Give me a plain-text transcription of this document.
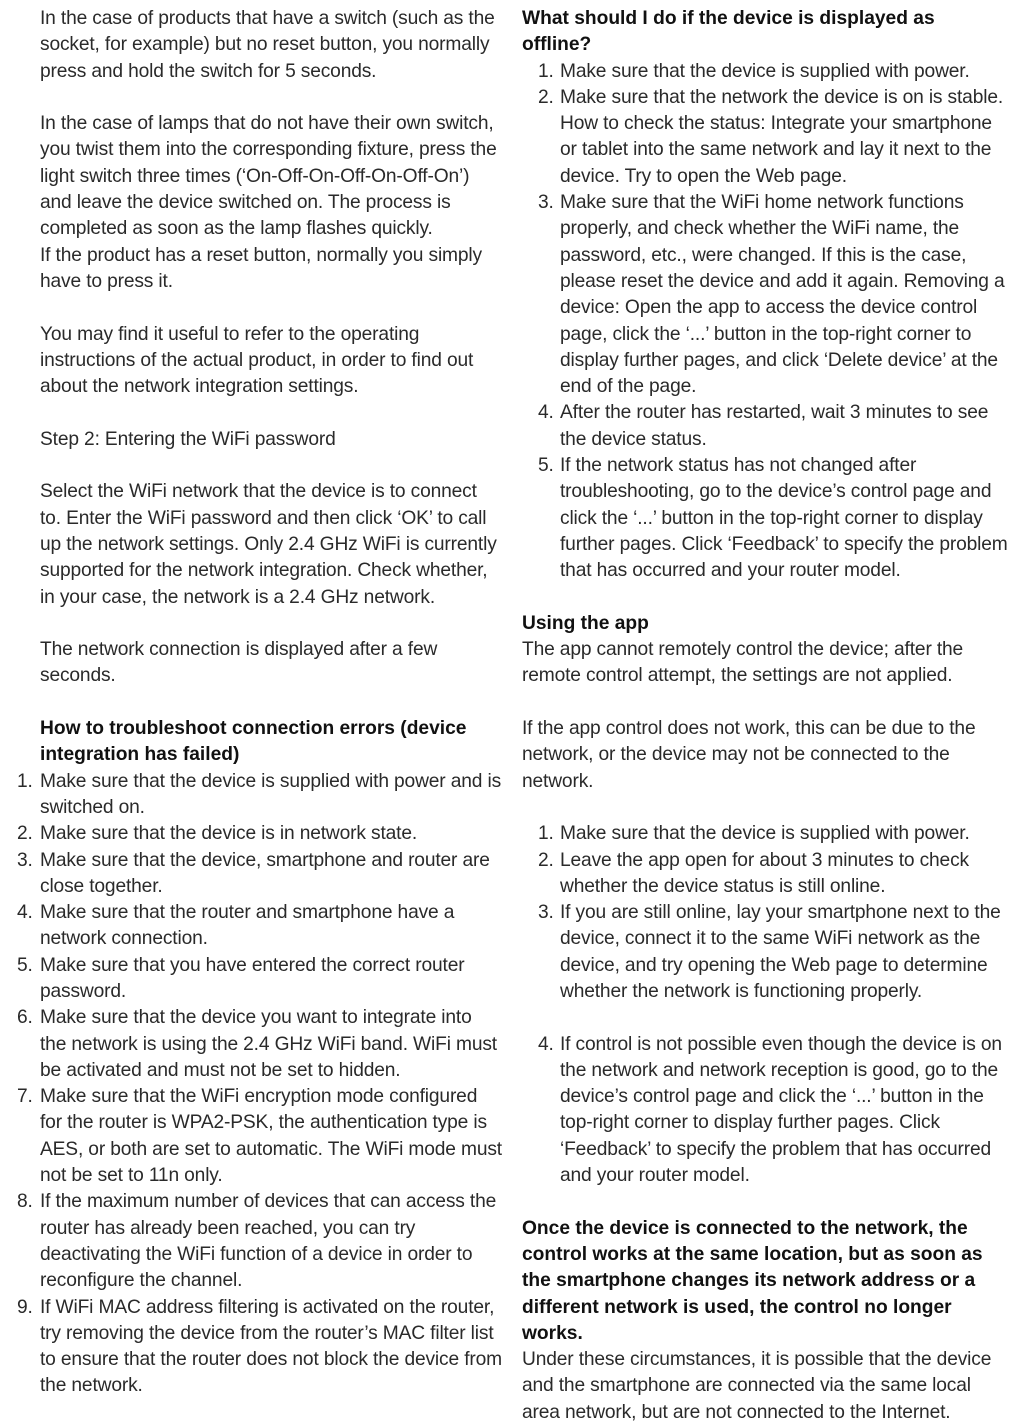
In the case of products that have a switch (such as the socket, for example) but no reset button, you normally press and hold the switch for 5 seconds.

In the case of lamps that do not have their own switch, you twist them into the corresponding fixture, press the light switch three times (‘On-Off-On-Off-On-Off-On’) and leave the device switched on. The process is completed as soon as the lamp flashes quickly.

If the product has a reset button, normally you simply have to press it.

You may find it useful to refer to the operating instructions of the actual product, in order to find out about the network integration settings.

Step 2: Entering the WiFi password

Select the WiFi network that the device is to connect to. Enter the WiFi password and then click ‘OK’ to call up the network settings. Only 2.4 GHz WiFi is currently supported for the network integration. Check whether, in your case, the network is a 2.4 GHz network.

The network connection is displayed after a few seconds.

How to troubleshoot connection errors (device integration has failed)

1. Make sure that the device is supplied with power and is switched on.
2. Make sure that the device is in network state.
3. Make sure that the device, smartphone and router are close together.
4. Make sure that the router and smartphone have a network connection.
5. Make sure that you have entered the correct router password.
6. Make sure that the device you want to integrate into the network is using the 2.4 GHz WiFi band. WiFi must be activated and must not be set to hidden.
7. Make sure that the WiFi encryption mode configured for the router is WPA2-PSK, the authentication type is AES, or both are set to automatic. The WiFi mode must not be set to 11n only.
8. If the maximum number of devices that can access the router has already been reached, you can try deactivating the WiFi function of a device in order to reconfigure the channel.
9. If WiFi MAC address filtering is activated on the router, try removing the device from the router’s MAC filter list to ensure that the router does not block the device from the network.

What should I do if the device is displayed as offline?

1. Make sure that the device is supplied with power.
2. Make sure that the network the device is on is stable. How to check the status: Integrate your smartphone or tablet into the same network and lay it next to the device. Try to open the Web page.
3. Make sure that the WiFi home network functions properly, and check whether the WiFi name, the password, etc., were changed. If this is the case, please reset the device and add it again. Removing a device: Open the app to access the device control page, click the ‘...’ button in the top-right corner to display further pages, and click ‘Delete device’ at the end of the page.
4. After the router has restarted, wait 3 minutes to see the device status.
5. If the network status has not changed after troubleshooting, go to the device’s control page and click the ‘...’ button in the top-right corner to display further pages. Click ‘Feedback’ to specify the problem that has occurred and your router model.

Using the app

The app cannot remotely control the device; after the remote control attempt, the settings are not applied.

If the app control does not work, this can be due to the network, or the device may not be connected to the network.

1. Make sure that the device is supplied with power.
2. Leave the app open for about 3 minutes to check whether the device status is still online.
3. If you are still online, lay your smartphone next to the device, connect it to the same WiFi network as the device, and try opening the Web page to determine whether the network is functioning properly.
4. If control is not possible even though the device is on the network and network reception is good, go to the device’s control page and click the ‘...’ button in the top-right corner to display further pages. Click ‘Feedback’ to specify the problem that has occurred and your router model.

Once the device is connected to the network, the control works at the same location, but as soon as the smartphone changes its network address or a different network is used, the control no longer works.

Under these circumstances, it is possible that the device and the smartphone are connected via the same local area network, but are not connected to the Internet.
